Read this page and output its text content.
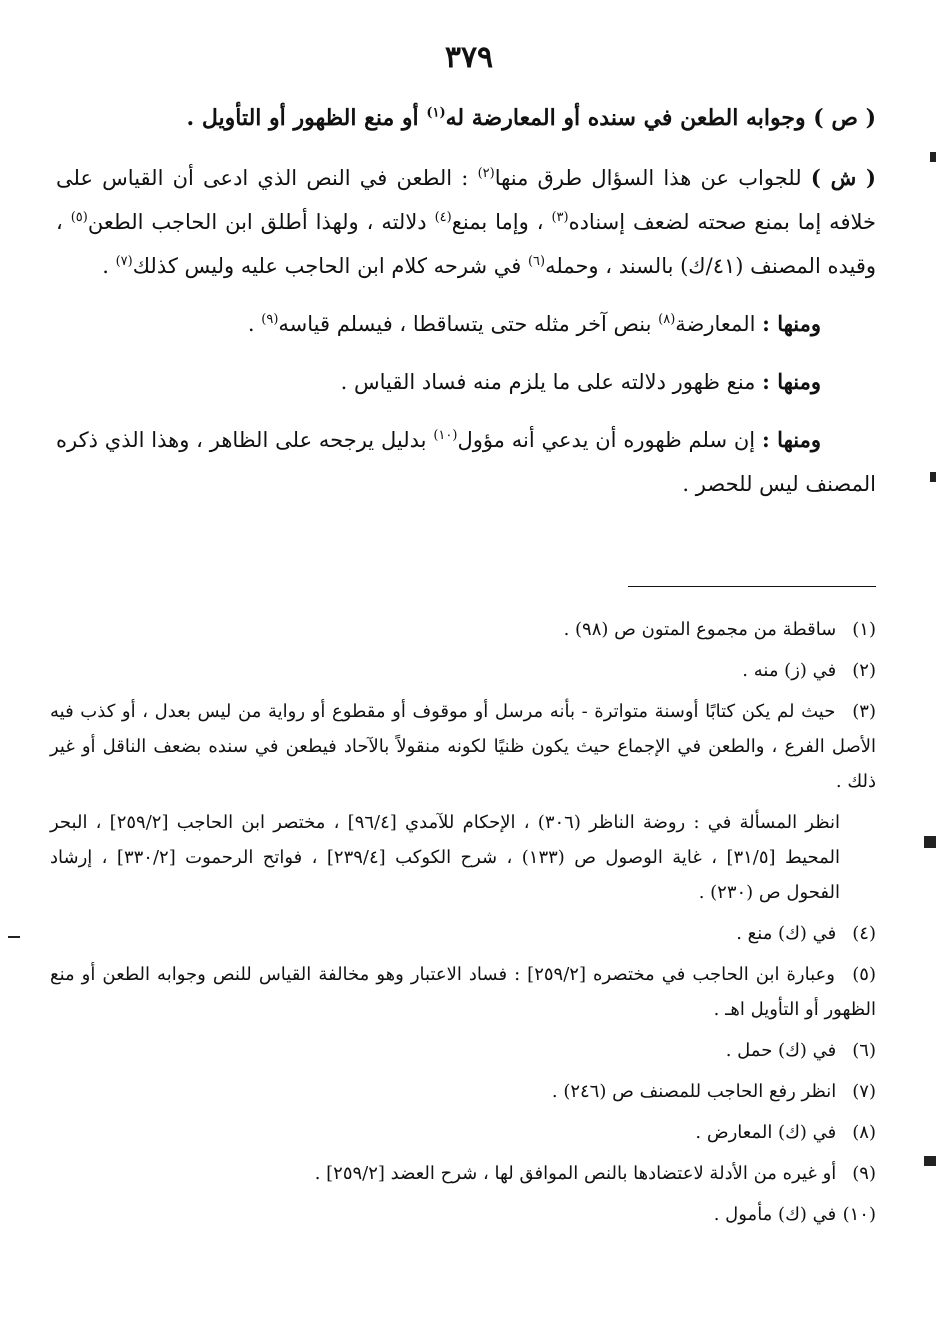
٣٧٩
( ص ) وجوابه الطعن في سنده أو المعارضة له$^{(١)}$ أو منع الظهور أو التأويل .

( ش ) للجواب عن هذا السؤال طرق منها$^{(٢)}$ : الطعن في النص الذي ادعى أن القياس على خلافه إما بمنع صحته لضعف إسناده$^{(٣)}$ ، وإما بمنع$^{(٤)}$ دلالته ، ولهذا أطلق ابن الحاجب الطعن$^{(٥)}$ ، وقيده المصنف (٤١/ك) بالسند ، وحمله$^{(٦)}$ في شرحه كلام ابن الحاجب عليه وليس كذلك$^{(٧)}$ .

ومنها : المعارضة$^{(٨)}$ بنص آخر مثله حتى يتساقطا ، فيسلم قياسه$^{(٩)}$ .

ومنها : منع ظهور دلالته على ما يلزم منه فساد القياس .

ومنها : إن سلم ظهوره أن يدعي أنه مؤول$^{(١٠)}$ بدليل يرجحه على الظاهر ، وهذا الذي ذكره المصنف ليس للحصر .

(١) ساقطة من مجموع المتون ص (٩٨) .

(٢) في (ز) منه .

(٣) حيث لم يكن كتابًا أوسنة متواترة - بأنه مرسل أو موقوف أو مقطوع أو رواية من ليس بعدل ، أو كذب فيه الأصل الفرع ، والطعن في الإجماع حيث يكون ظنيًا لكونه منقولاً بالآحاد فيطعن في سنده بضعف الناقل أو غير ذلك .

انظر المسألة في : روضة الناظر (٣٠٦) ، الإحكام للآمدي [٩٦/٤] ، مختصر ابن الحاجب [٢٥٩/٢] ، البحر المحيط [٣١/٥] ، غاية الوصول ص (١٣٣) ، شرح الكوكب [٢٣٩/٤] ، فواتح الرحموت [٣٣٠/٢] ، إرشاد الفحول ص (٢٣٠) .

(٤) في (ك) منع .

(٥) وعبارة ابن الحاجب في مختصره [٢٥٩/٢] : فساد الاعتبار وهو مخالفة القياس للنص وجوابه الطعن أو منع الظهور أو التأويل اهـ .

(٦) في (ك) حمل .

(٧) انظر رفع الحاجب للمصنف ص (٢٤٦) .

(٨) في (ك) المعارض .

(٩) أو غيره من الأدلة لاعتضادها بالنص الموافق لها ، شرح العضد [٢٥٩/٢] .

(١٠) في (ك) مأمول .
